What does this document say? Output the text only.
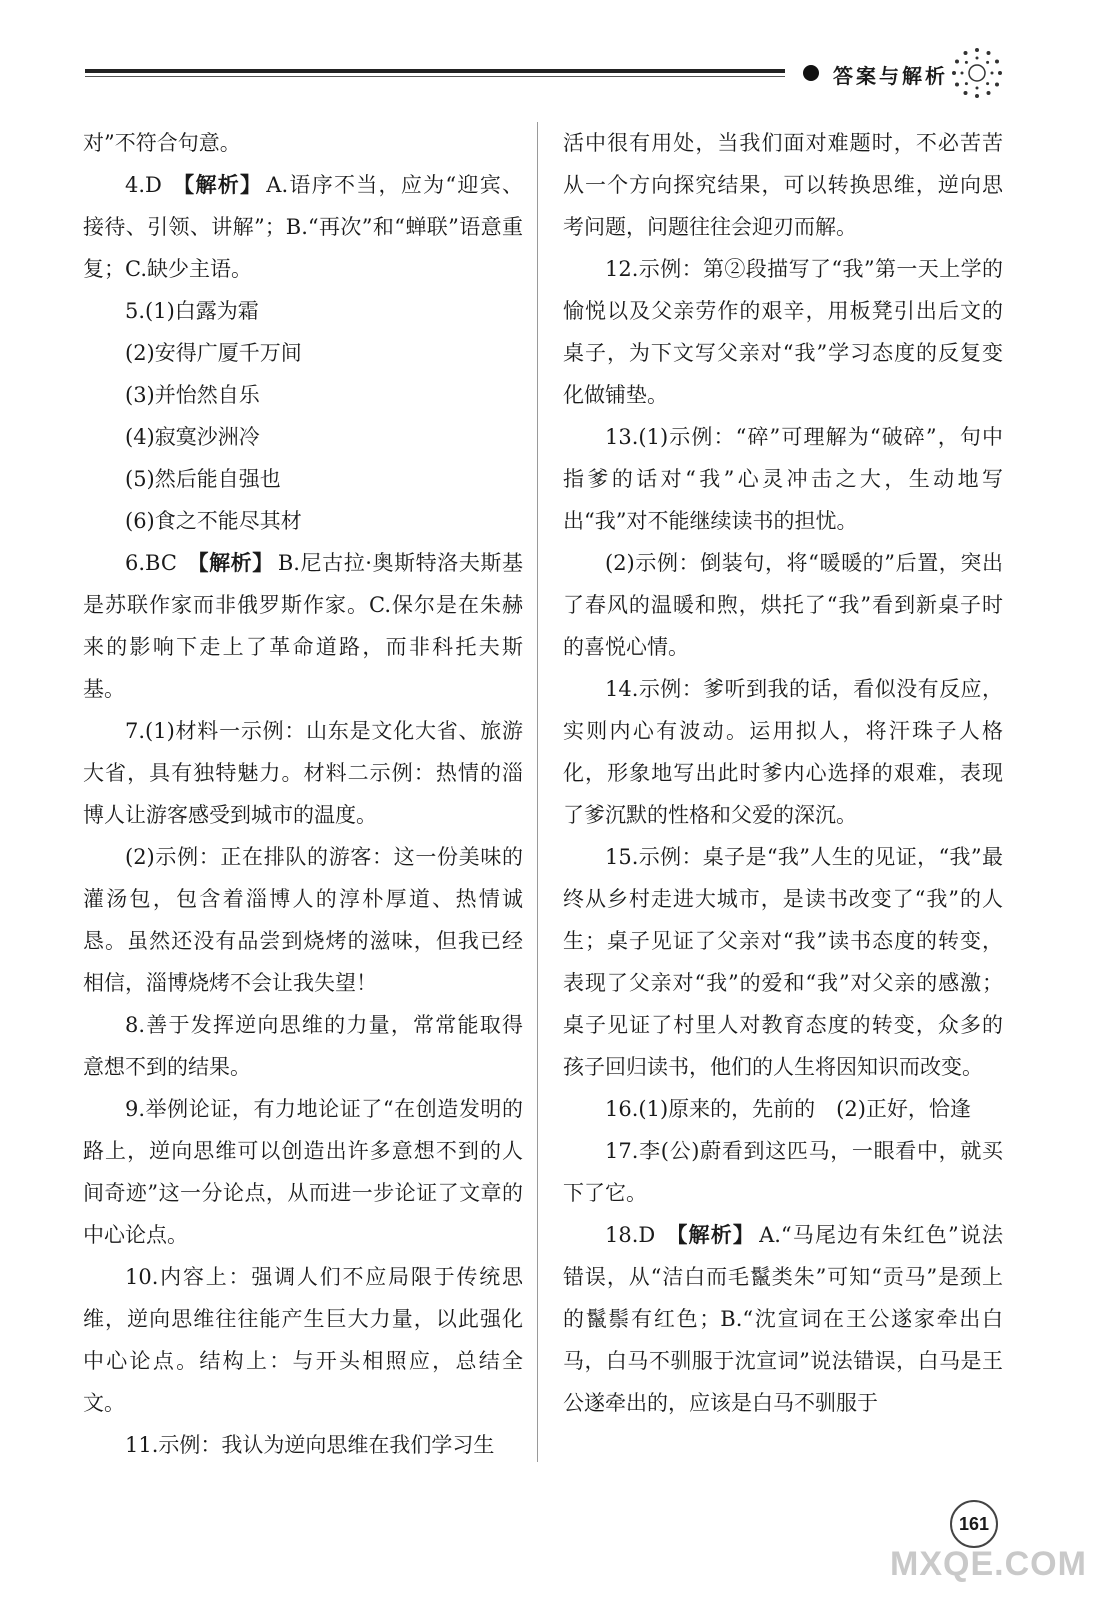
答案与解析

对”不符合句意。

4.D 【解析】 A.语序不当，应为“迎宾、接待、引领、讲解”；B.“再次”和“蝉联”语意重复；C.缺少主语。

5.(1)白露为霜

(2)安得广厦千万间

(3)并怡然自乐

(4)寂寞沙洲冷

(5)然后能自强也

(6)食之不能尽其材

6.BC 【解析】 B.尼古拉·奥斯特洛夫斯基是苏联作家而非俄罗斯作家。C.保尔是在朱赫来的影响下走上了革命道路，而非科托夫斯基。

7.(1)材料一示例：山东是文化大省、旅游大省，具有独特魅力。材料二示例：热情的淄博人让游客感受到城市的温度。

(2)示例：正在排队的游客：这一份美味的灌汤包，包含着淄博人的淳朴厚道、热情诚恳。虽然还没有品尝到烧烤的滋味，但我已经相信，淄博烧烤不会让我失望！

8.善于发挥逆向思维的力量，常常能取得意想不到的结果。

9.举例论证，有力地论证了“在创造发明的路上，逆向思维可以创造出许多意想不到的人间奇迹”这一分论点，从而进一步论证了文章的中心论点。

10.内容上：强调人们不应局限于传统思维，逆向思维往往能产生巨大力量，以此强化中心论点。结构上：与开头相照应，总结全文。

11.示例：我认为逆向思维在我们学习生

活中很有用处，当我们面对难题时，不必苦苦从一个方向探究结果，可以转换思维，逆向思考问题，问题往往会迎刃而解。

12.示例：第②段描写了“我”第一天上学的愉悦以及父亲劳作的艰辛，用板凳引出后文的桌子，为下文写父亲对“我”学习态度的反复变化做铺垫。

13.(1)示例：“碎”可理解为“破碎”，句中指爹的话对“我”心灵冲击之大，生动地写出“我”对不能继续读书的担忧。

(2)示例：倒装句，将“暖暖的”后置，突出了春风的温暖和煦，烘托了“我”看到新桌子时的喜悦心情。

14.示例：爹听到我的话，看似没有反应，实则内心有波动。运用拟人，将汗珠子人格化，形象地写出此时爹内心选择的艰难，表现了爹沉默的性格和父爱的深沉。

15.示例：桌子是“我”人生的见证，“我”最终从乡村走进大城市，是读书改变了“我”的人生；桌子见证了父亲对“我”读书态度的转变，表现了父亲对“我”的爱和“我”对父亲的感激；桌子见证了村里人对教育态度的转变，众多的孩子回归读书，他们的人生将因知识而改变。

16.(1)原来的，先前的　(2)正好，恰逢

17.李(公)蔚看到这匹马，一眼看中，就买下了它。

18.D 【解析】 A.“马尾边有朱红色”说法错误，从“洁白而毛鬣类朱”可知“贡马”是颈上的鬣鬃有红色；B.“沈宣词在王公遂家牵出白马，白马不驯服于沈宣词”说法错误，白马是王公遂牵出的，应该是白马不驯服于

161
MXQE.COM
